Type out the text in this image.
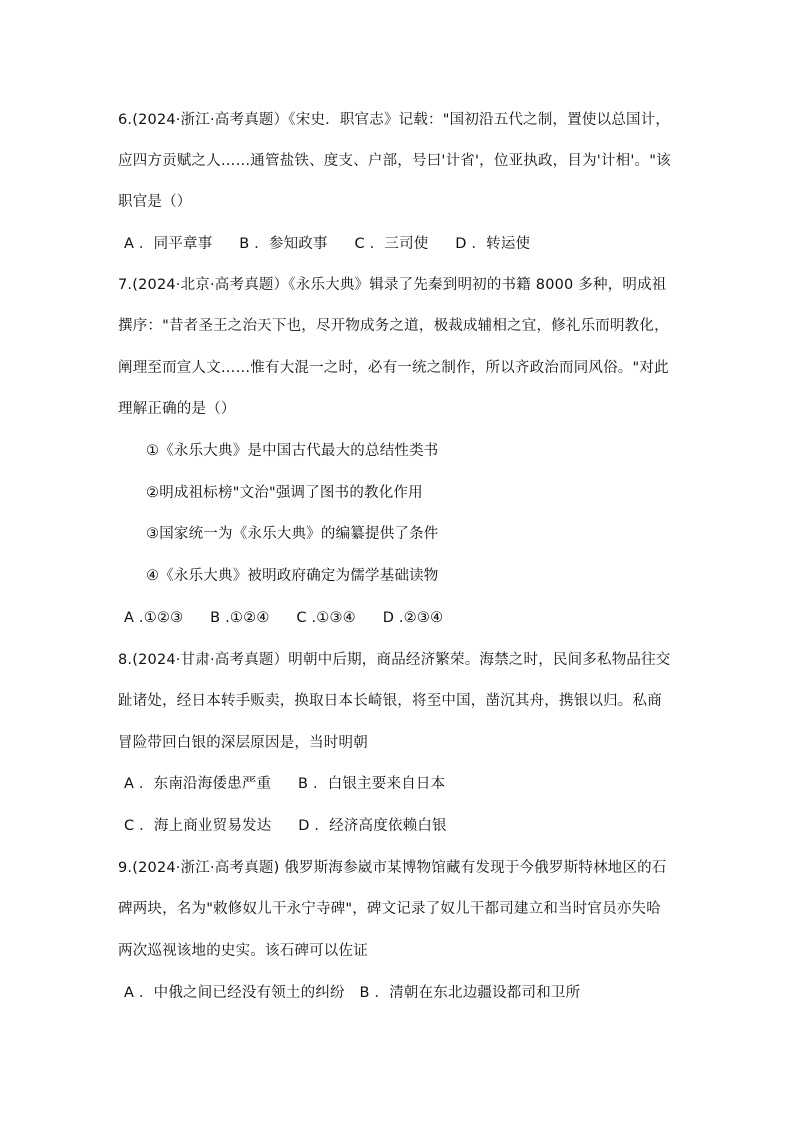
6.(2024·浙江·高考真题）《宋史．职官志》记载："国初沿五代之制，置使以总国计，
应四方贡赋之人……通管盐铁、度支、户部，号曰'计省'，位亚执政，目为'计相'。"该
职官是（）
A ．同平章事 B ．参知政事 C ．三司使 D ．转运使
7.(2024·北京·高考真题）《永乐大典》辑录了先秦到明初的书籍 8000 多种，明成祖
撰序："昔者圣王之治天下也，尽开物成务之道，极裁成辅相之宜，修礼乐而明教化，
阐理至而宣人文……惟有大混一之时，必有一统之制作，所以齐政治而同风俗。"对此
理解正确的是（）
①《永乐大典》是中国古代最大的总结性类书
②明成祖标榜"文治"强调了图书的教化作用
③国家统一为《永乐大典》的编纂提供了条件
④《永乐大典》被明政府确定为儒学基础读物
A .①②③ B .①②④ C .①③④ D .②③④
8.(2024·甘肃·高考真题）明朝中后期，商品经济繁荣。海禁之时，民间多私物品往交
趾诸处，经日本转手贩卖，换取日本长崎银，将至中国，凿沉其舟，携银以归。私商
冒险带回白银的深层原因是，当时明朝
A ．东南沿海倭患严重 B ．白银主要来自日本
C ．海上商业贸易发达 D ．经济高度依赖白银
9.(2024·浙江·高考真题) 俄罗斯海参崴市某博物馆藏有发现于今俄罗斯特林地区的石
碑两块，名为"敕修奴儿干永宁寺碑"，碑文记录了奴儿干都司建立和当时官员亦失哈
两次巡视该地的史实。该石碑可以佐证
A ．中俄之间已经没有领土的纠纷 B ．清朝在东北边疆设都司和卫所
